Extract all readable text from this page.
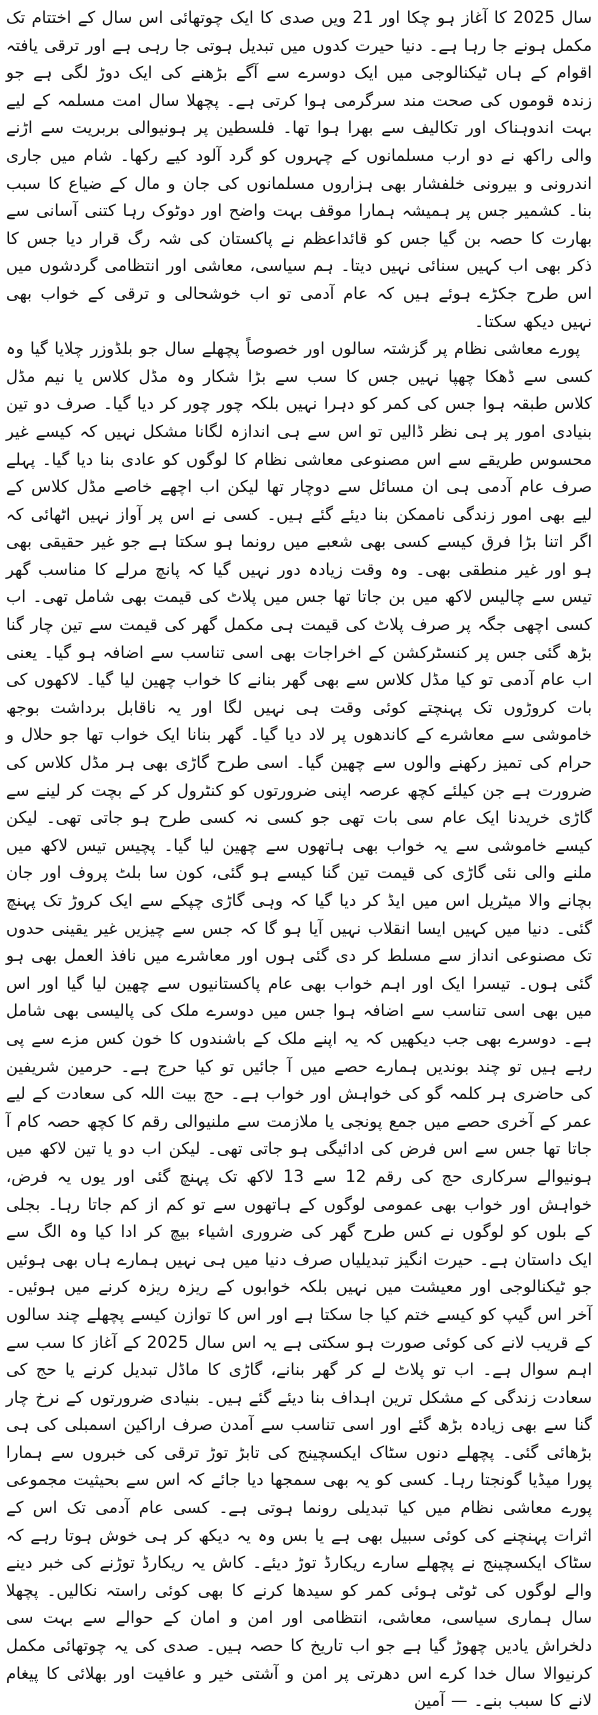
سال 2025 کا آغاز ہو چکا اور 21 ویں صدی کا ایک چوتھائی اس سال کے اختتام تک مکمل ہونے جا رہا ہے۔ دنیا حیرت کدوں میں تبدیل ہوتی جا رہی ہے اور ترقی یافتہ اقوام کے ہاں ٹیکنالوجی میں ایک دوسرے سے آگے بڑھنے کی ایک دوڑ لگی ہے جو زندہ قوموں کی صحت مند سرگرمی ہوا کرتی ہے۔ پچھلا سال امت مسلمہ کے لیے بہت اندوہناک اور تکالیف سے بھرا ہوا تھا۔ فلسطین پر ہونیوالی بربریت سے اڑنے والی راکھ نے دو ارب مسلمانوں کے چہروں کو گرد آلود کیے رکھا۔ شام میں جاری اندرونی و بیرونی خلفشار بھی ہزاروں مسلمانوں کی جان و مال کے ضیاع کا سبب بنا۔ کشمیر جس پر ہمیشہ ہمارا موقف بہت واضح اور دوٹوک رہا کتنی آسانی سے بھارت کا حصہ بن گیا جس کو قائداعظم نے پاکستان کی شہ رگ قرار دیا جس کا ذکر بھی اب کہیں سنائی نہیں دیتا۔ ہم سیاسی، معاشی اور انتظامی گردشوں میں اس طرح جکڑے ہوئے ہیں کہ عام آدمی تو اب خوشحالی و ترقی کے خواب بھی نہیں دیکھ سکتا۔

پورے معاشی نظام پر گزشتہ سالوں اور خصوصاً پچھلے سال جو بلڈوزر چلایا گیا وہ کسی سے ڈھکا چھپا نہیں جس کا سب سے بڑا شکار وہ مڈل کلاس یا نیم مڈل کلاس طبقہ ہوا جس کی کمر کو دہرا نہیں بلکہ چور چور کر دیا گیا۔ صرف دو تین بنیادی امور پر ہی نظر ڈالیں تو اس سے ہی اندازہ لگانا مشکل نہیں کہ کیسے غیر محسوس طریقے سے اس مصنوعی معاشی نظام کا لوگوں کو عادی بنا دیا گیا۔ پہلے صرف عام آدمی ہی ان مسائل سے دوچار تھا لیکن اب اچھے خاصے مڈل کلاس کے لیے بھی امور زندگی ناممکن بنا دیئے گئے ہیں۔ کسی نے اس پر آواز نہیں اٹھائی کہ اگر اتنا بڑا فرق کیسے کسی بھی شعبے میں رونما ہو سکتا ہے جو غیر حقیقی بھی ہو اور غیر منطقی بھی۔ وہ وقت زیادہ دور نہیں گیا کہ پانچ مرلے کا مناسب گھر تیس سے چالیس لاکھ میں بن جاتا تھا جس میں پلاٹ کی قیمت بھی شامل تھی۔ اب کسی اچھی جگہ پر صرف پلاٹ کی قیمت ہی مکمل گھر کی قیمت سے تین چار گنا بڑھ گئی جس پر کنسٹرکشن کے اخراجات بھی اسی تناسب سے اضافہ ہو گیا۔ یعنی اب عام آدمی تو کیا مڈل کلاس سے بھی گھر بنانے کا خواب چھین لیا گیا۔ لاکھوں کی بات کروڑوں تک پہنچتے کوئی وقت ہی نہیں لگا اور یہ ناقابل برداشت بوجھ خاموشی سے معاشرے کے کاندھوں پر لاد دیا گیا۔ گھر بنانا ایک خواب تھا جو حلال و حرام کی تمیز رکھنے والوں سے چھین گیا۔ اسی طرح گاڑی بھی ہر مڈل کلاس کی ضرورت ہے جن کیلئے کچھ عرصہ اپنی ضرورتوں کو کنٹرول کر کے بچت کر لینے سے گاڑی خریدنا ایک عام سی بات تھی جو کسی نہ کسی طرح ہو جاتی تھی۔ لیکن کیسے خاموشی سے یہ خواب بھی ہاتھوں سے چھین لیا گیا۔ پچیس تیس لاکھ میں ملنے والی نئی گاڑی کی قیمت تین گنا کیسے ہو گئی، کون سا بلٹ پروف اور جان بچانے والا میٹریل اس میں ایڈ کر دیا گیا کہ وہی گاڑی چپکے سے ایک کروڑ تک پہنچ گئی۔ دنیا میں کہیں ایسا انقلاب نہیں آیا ہو گا کہ جس سے چیزیں غیر یقینی حدوں تک مصنوعی انداز سے مسلط کر دی گئی ہوں اور معاشرے میں نافذ العمل بھی ہو گئی ہوں۔ تیسرا ایک اور اہم خواب بھی عام پاکستانیوں سے چھین لیا گیا اور اس میں بھی اسی تناسب سے اضافہ ہوا جس میں دوسرے ملک کی پالیسی بھی شامل ہے۔ دوسرے بھی جب دیکھیں کہ یہ اپنے ملک کے باشندوں کا خون کس مزے سے پی رہے ہیں تو چند بوندیں ہمارے حصے میں آ جائیں تو کیا حرج ہے۔ حرمین شریفین کی حاضری ہر کلمہ گو کی خواہش اور خواب ہے۔ حج بیت اللہ کی سعادت کے لیے عمر کے آخری حصے میں جمع پونجی یا ملازمت سے ملنیوالی رقم کا کچھ حصہ کام آ جاتا تھا جس سے اس فرض کی ادائیگی ہو جاتی تھی۔ لیکن اب دو یا تین لاکھ میں ہونیوالے سرکاری حج کی رقم 12 سے 13 لاکھ تک پہنچ گئی اور یوں یہ فرض، خواہش اور خواب بھی عمومی لوگوں کے ہاتھوں سے تو کم از کم جاتا رہا۔ بجلی کے بلوں کو لوگوں نے کس طرح گھر کی ضروری اشیاء بیچ کر ادا کیا وہ الگ سے ایک داستان ہے۔ حیرت انگیز تبدیلیاں صرف دنیا میں ہی نہیں ہمارے ہاں بھی ہوئیں جو ٹیکنالوجی اور معیشت میں نہیں بلکہ خوابوں کے ریزہ ریزہ کرنے میں ہوئیں۔ آخر اس گیپ کو کیسے ختم کیا جا سکتا ہے اور اس کا توازن کیسے پچھلے چند سالوں کے قریب لانے کی کوئی صورت ہو سکتی ہے یہ اس سال 2025 کے آغاز کا سب سے اہم سوال ہے۔ اب تو پلاٹ لے کر گھر بنانے، گاڑی کا ماڈل تبدیل کرنے یا حج کی سعادت زندگی کے مشکل ترین اہداف بنا دیئے گئے ہیں۔ بنیادی ضرورتوں کے نرخ چار گنا سے بھی زیادہ بڑھ گئے اور اسی تناسب سے آمدن صرف اراکین اسمبلی کی ہی بڑھائی گئی۔ پچھلے دنوں سٹاک ایکسچینج کی تابڑ توڑ ترقی کی خبروں سے ہمارا پورا میڈیا گونجتا رہا۔ کسی کو یہ بھی سمجھا دیا جائے کہ اس سے بحیثیت مجموعی پورے معاشی نظام میں کیا تبدیلی رونما ہوتی ہے۔ کسی عام آدمی تک اس کے اثرات پہنچنے کی کوئی سبیل بھی ہے یا بس وہ یہ دیکھ کر ہی خوش ہوتا رہے کہ سٹاک ایکسچینج نے پچھلے سارے ریکارڈ توڑ دیئے۔ کاش یہ ریکارڈ توڑنے کی خبر دینے والے لوگوں کی ٹوٹی ہوئی کمر کو سیدھا کرنے کا بھی کوئی راستہ نکالیں۔ پچھلا سال ہماری سیاسی، معاشی، انتظامی اور امن و امان کے حوالے سے بہت سی دلخراش یادیں چھوڑ گیا ہے جو اب تاریخ کا حصہ ہیں۔ صدی کی یہ چوتھائی مکمل کرنیوالا سال خدا کرے اس دھرتی پر امن و آشتی خیر و عافیت اور بھلائی کا پیغام لانے کا سبب بنے۔ — آمین
